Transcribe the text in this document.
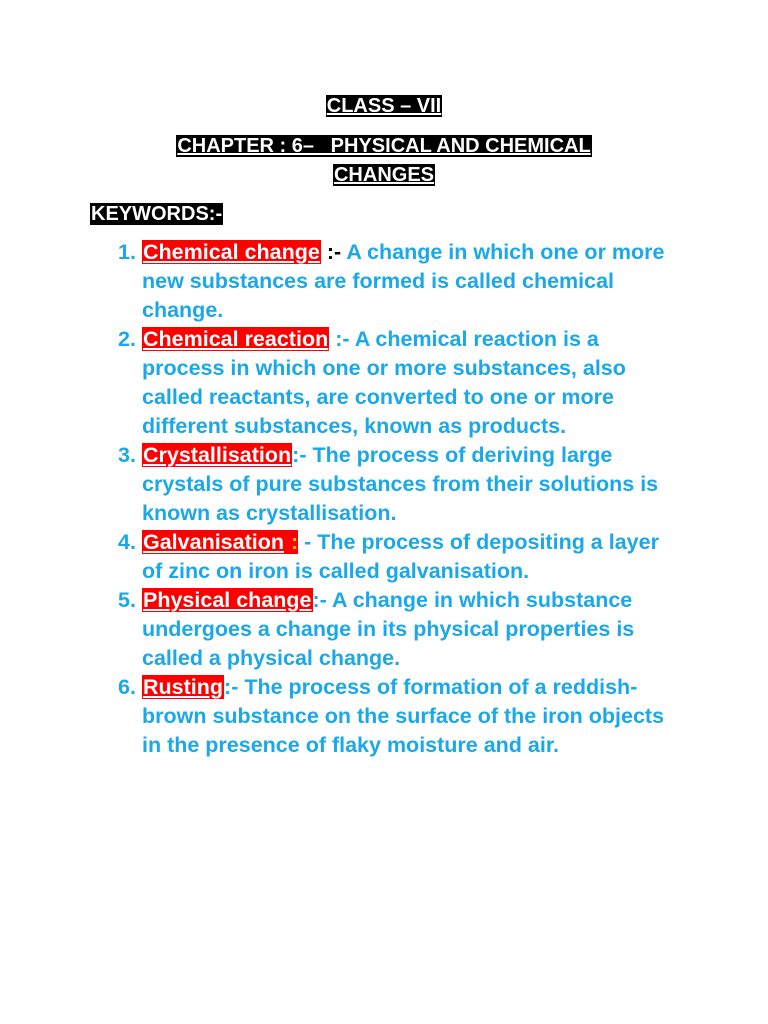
CLASS – VII
CHAPTER : 6–   PHYSICAL AND CHEMICAL
CHANGES
KEYWORDS:-
1. Chemical change :- A change in which one or more new substances are formed is called chemical change.
2. Chemical reaction :- A chemical reaction is a process in which one or more substances, also called reactants, are converted to one or more different substances, known as products.
3. Crystallisation:- The process of deriving large crystals of pure substances from their solutions is known as crystallisation.
4. Galvanisation : - The process of depositing a layer of zinc on iron is called galvanisation.
5. Physical change:- A change in which substance undergoes a change in its physical properties is called a physical change.
6. Rusting:- The process of formation of a reddish-brown substance on the surface of the iron objects in the presence of flaky moisture and air.
